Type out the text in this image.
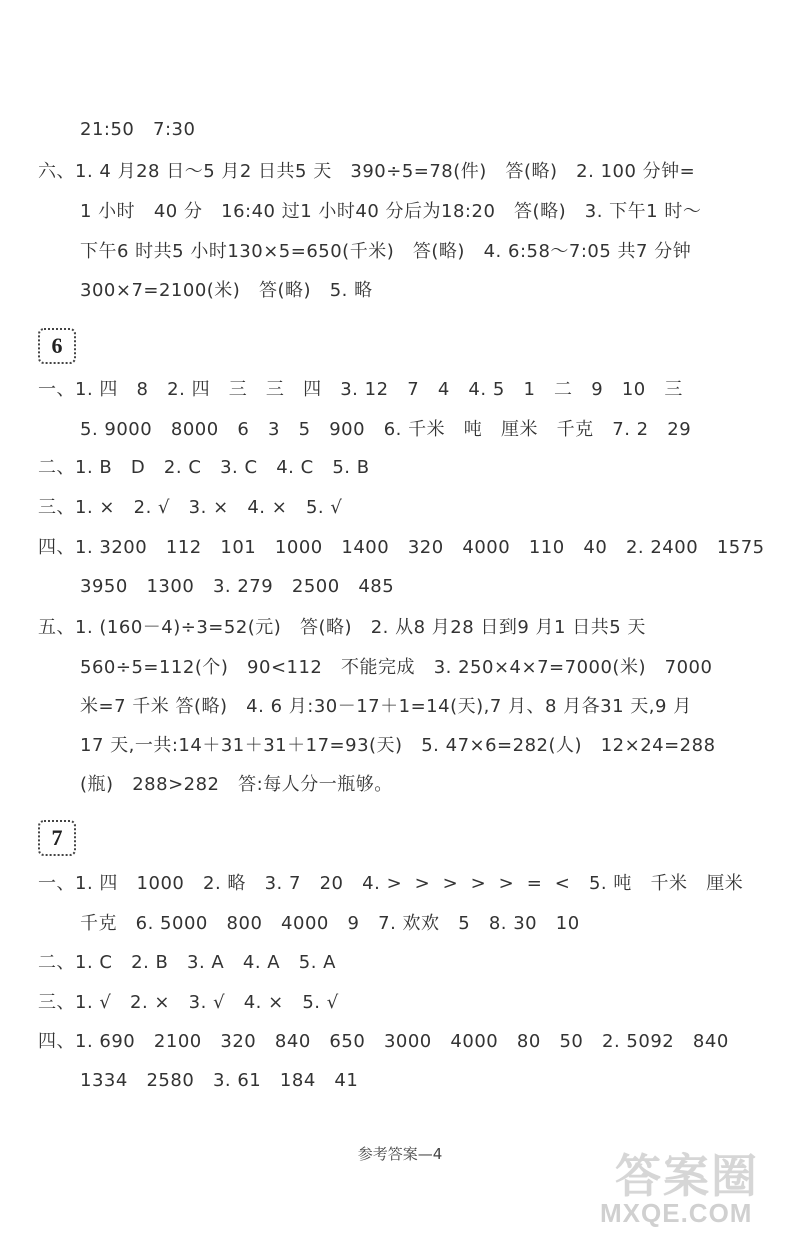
21:50   7:30
六、1. 4 月28 日～5 月2 日共5 天   390÷5=78(件)   答(略)   2. 100 分钟=
1 小时   40 分   16:40 过1 小时40 分后为18:20   答(略)   3. 下午1 时～
下午6 时共5 小时130×5=650(千米)   答(略)   4. 6:58～7:05 共7 分钟
300×7=2100(米)   答(略)   5. 略
6
一、1. 四   8   2. 四   三   三   四   3. 12   7   4   4. 5   1   二   9   10   三
5. 9000   8000   6   3   5   900   6. 千米   吨   厘米   千克   7. 2   29
二、1. B   D   2. C   3. C   4. C   5. B
三、1. ×   2. √   3. ×   4. ×   5. √
四、1. 3200   112   101   1000   1400   320   4000   110   40   2. 2400   1575
3950   1300   3. 279   2500   485
五、1. (160－4)÷3=52(元)   答(略)   2. 从8 月28 日到9 月1 日共5 天
560÷5=112(个)   90<112   不能完成   3. 250×4×7=7000(米)   7000
米=7 千米 答(略)   4. 6 月:30－17＋1=14(天),7 月、8 月各31 天,9 月
17 天,一共:14＋31＋31＋17=93(天)   5. 47×6=282(人)   12×24=288
(瓶)   288>282   答:每人分一瓶够。
7
一、1. 四   1000   2. 略   3. 7   20   4. >  >  >  >  >  =  <   5. 吨   千米   厘米
千克   6. 5000   800   4000   9   7. 欢欢   5   8. 30   10
二、1. C   2. B   3. A   4. A   5. A
三、1. √   2. ×   3. √   4. ×   5. √
四、1. 690   2100   320   840   650   3000   4000   80   50   2. 5092   840
1334   2580   3. 61   184   41
参考答案—4	答案圈
MXQE.COM
